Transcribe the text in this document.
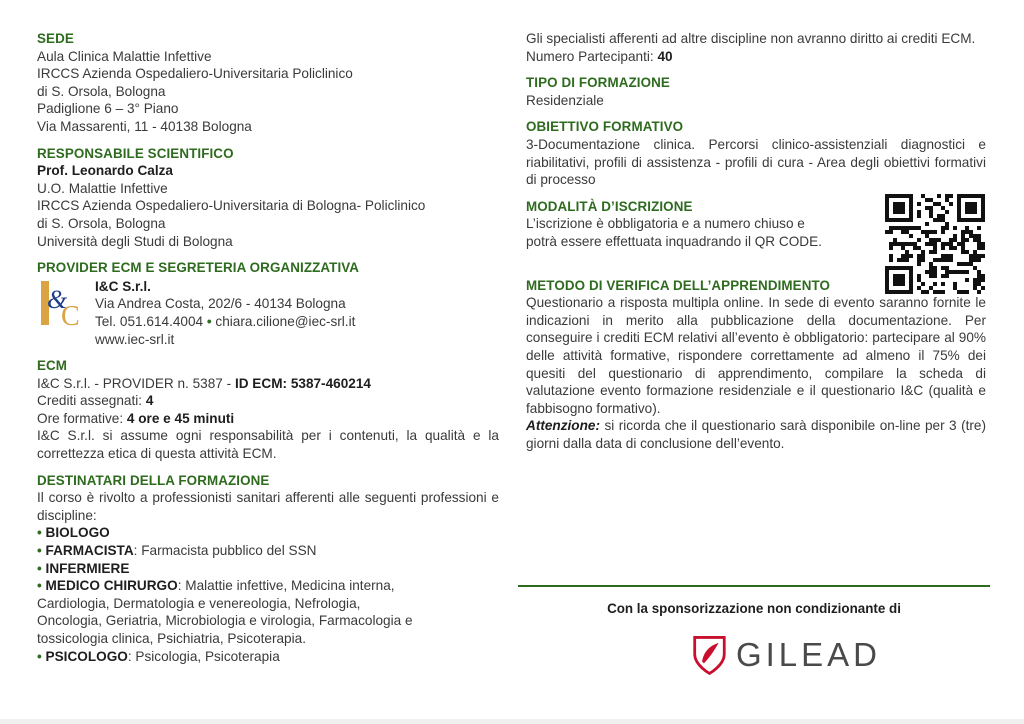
SEDE
Aula Clinica Malattie Infettive
IRCCS Azienda Ospedaliero-Universitaria Policlinico
di S. Orsola, Bologna
Padiglione 6 – 3° Piano
Via Massarenti, 11 - 40138 Bologna
RESPONSABILE SCIENTIFICO
Prof. Leonardo Calza
U.O. Malattie Infettive
IRCCS Azienda Ospedaliero-Universitaria di Bologna- Policlinico
di S. Orsola, Bologna
Università degli Studi di Bologna
PROVIDER ECM E SEGRETERIA ORGANIZZATIVA
&
C
I&C S.r.l.
Via Andrea Costa, 202/6 - 40134 Bologna
Tel. 051.614.4004 • chiara.cilione@iec-srl.it
www.iec-srl.it
ECM
I&C S.r.l. - PROVIDER n. 5387 - ID ECM: 5387-460214
Crediti assegnati: 4
Ore formative: 4 ore e 45 minuti
I&C S.r.l. si assume ogni responsabilità per i contenuti, la qualità e la correttezza etica di questa attività ECM.
DESTINATARI DELLA FORMAZIONE
Il corso è rivolto a professionisti sanitari afferenti alle seguenti professioni e discipline:
• BIOLOGO
• FARMACISTA: Farmacista pubblico del SSN
• INFERMIERE
• MEDICO CHIRURGO: Malattie infettive, Medicina interna,
Cardiologia, Dermatologia e venereologia, Nefrologia,
Oncologia, Geriatria, Microbiologia e virologia, Farmacologia e
tossicologia clinica, Psichiatria, Psicoterapia.
• PSICOLOGO: Psicologia, Psicoterapia
Gli specialisti afferenti ad altre discipline non avranno diritto ai crediti ECM.
Numero Partecipanti: 40
TIPO DI FORMAZIONE
Residenziale
OBIETTIVO FORMATIVO
3-Documentazione clinica. Percorsi clinico-assistenziali diagnostici e riabilitativi, profili di assistenza - profili di cura - Area degli obiettivi formativi di processo
MODALITÀ D’ISCRIZIONE
L’iscrizione è obbligatoria e a numero chiuso e
potrà essere effettuata inquadrando il QR CODE.
METODO DI VERIFICA DELL’APPRENDIMENTO
Questionario a risposta multipla online. In sede di evento saranno fornite le indicazioni in merito alla pubblicazione della documentazione. Per conseguire i crediti ECM relativi all’evento è obbligatorio: partecipare al 90% delle attività formative, rispondere correttamente ad almeno il 75% dei quesiti del questionario di apprendimento, compilare la scheda di valutazione evento formazione residenziale e il questionario I&C (qualità e fabbisogno formativo).
Attenzione: si ricorda che il questionario sarà disponibile on-line per 3 (tre) giorni dalla data di conclusione dell’evento.
Con la sponsorizzazione non condizionante di
GILEAD
